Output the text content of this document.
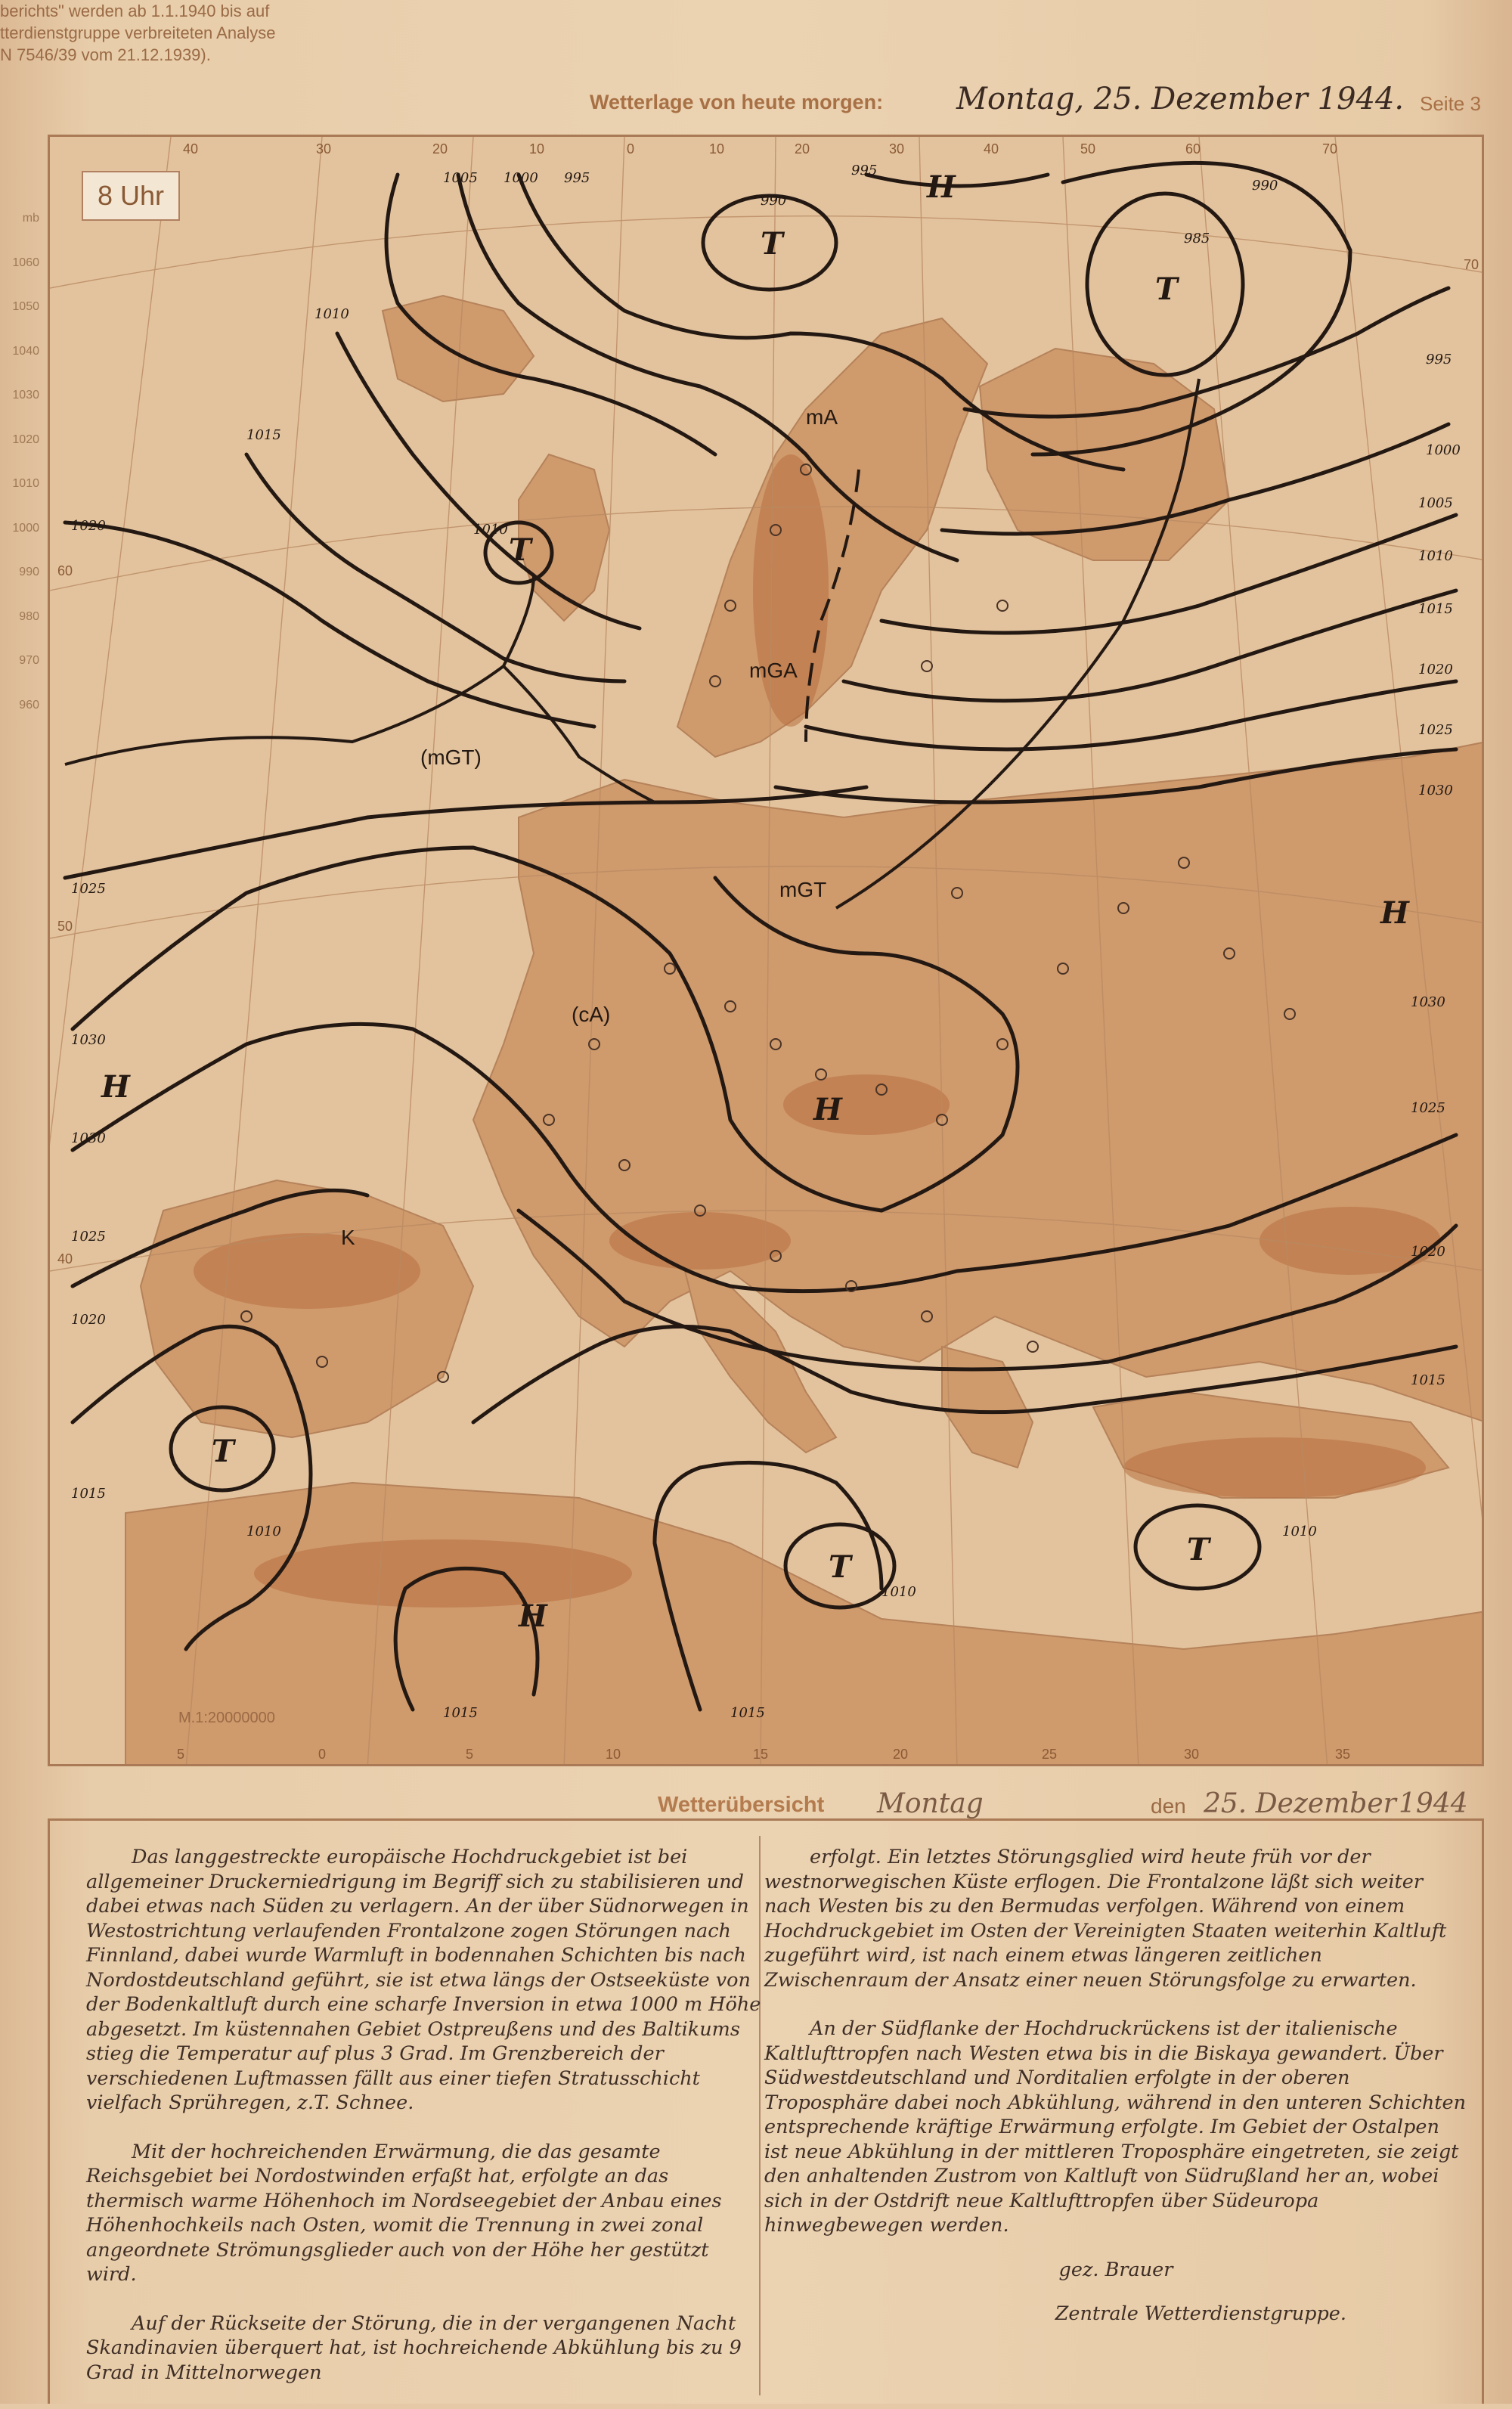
berichts" werden ab 1.1.1940 bis auf
tterdienstgruppe verbreiteten Analyse
N 7546/39 vom 21.12.1939).
Wetterlage von heute morgen: Montag, 25. Dezember 1944. Seite 3
mb
1060
1050
1040
1030
1020
1010
1000
990
980
970
960
T
T
T
T
T	T
H
H
H
H
H
mA
mGA
(mGT)
mGT
(cA)
K
1005 1000 995
990
995
985
990
995
1000
1005
1010
1015
1020
1025
1030
1030
1025
1020
1015
1010
1015	1015
1010
1010
1010
1015
1020
1025
1030
1030
1025
1020
1015
1010
40	30	20	10	0	10	20	30	40	50	60	70
5	0	5	10	15	20	25	30	35
70
60
50
40
8 Uhr
M.1:20000000
Wetterübersicht Montag	den 25. Dezember 1944

Das langgestreckte europäische Hochdruckgebiet ist bei allgemeiner Druckerniedrigung im Begriff sich zu stabilisieren und dabei etwas nach Süden zu verlagern. An der über Südnorwegen in Westostrichtung verlaufenden Frontalzone zogen Störungen nach Finnland, dabei wurde Warmluft in bodennahen Schichten bis nach Nordostdeutschland geführt, sie ist etwa längs der Ostseeküste von der Bodenkaltluft durch eine scharfe Inversion in etwa 1000 m Höhe abgesetzt. Im küstennahen Gebiet Ostpreußens und des Baltikums stieg die Temperatur auf plus 3 Grad. Im Grenzbereich der verschiedenen Luftmassen fällt aus einer tiefen Stratusschicht vielfach Sprühregen, z.T. Schnee.

Mit der hochreichenden Erwärmung, die das gesamte Reichsgebiet bei Nordostwinden erfaßt hat, erfolgte an das thermisch warme Höhenhoch im Nordseegebiet der Anbau eines Höhenhochkeils nach Osten, womit die Trennung in zwei zonal angeordnete Strömungsglieder auch von der Höhe her gestützt wird.

Auf der Rückseite der Störung, die in der vergangenen Nacht Skandinavien überquert hat, ist hochreichende Abkühlung bis zu 9 Grad in Mittelnorwegen

erfolgt. Ein letztes Störungsglied wird heute früh vor der westnorwegischen Küste erflogen. Die Frontalzone läßt sich weiter nach Westen bis zu den Bermudas verfolgen. Während von einem Hochdruckgebiet im Osten der Vereinigten Staaten weiterhin Kaltluft zugeführt wird, ist nach einem etwas längeren zeitlichen Zwischenraum der Ansatz einer neuen Störungsfolge zu erwarten.

An der Südflanke der Hochdruckrückens ist der italienische Kaltlufttropfen nach Westen etwa bis in die Biskaya gewandert. Über Südwestdeutschland und Norditalien erfolgte in der oberen Troposphäre dabei noch Abkühlung, während in den unteren Schichten entsprechende kräftige Erwärmung erfolgte. Im Gebiet der Ostalpen ist neue Abkühlung in der mittleren Troposphäre eingetreten, sie zeigt den anhaltenden Zustrom von Kaltluft von Südrußland her an, wobei sich in der Ostdrift neue Kaltlufttropfen über Südeuropa hinwegbewegen werden.

gez. Brauer
Zentrale Wetterdienstgruppe.
